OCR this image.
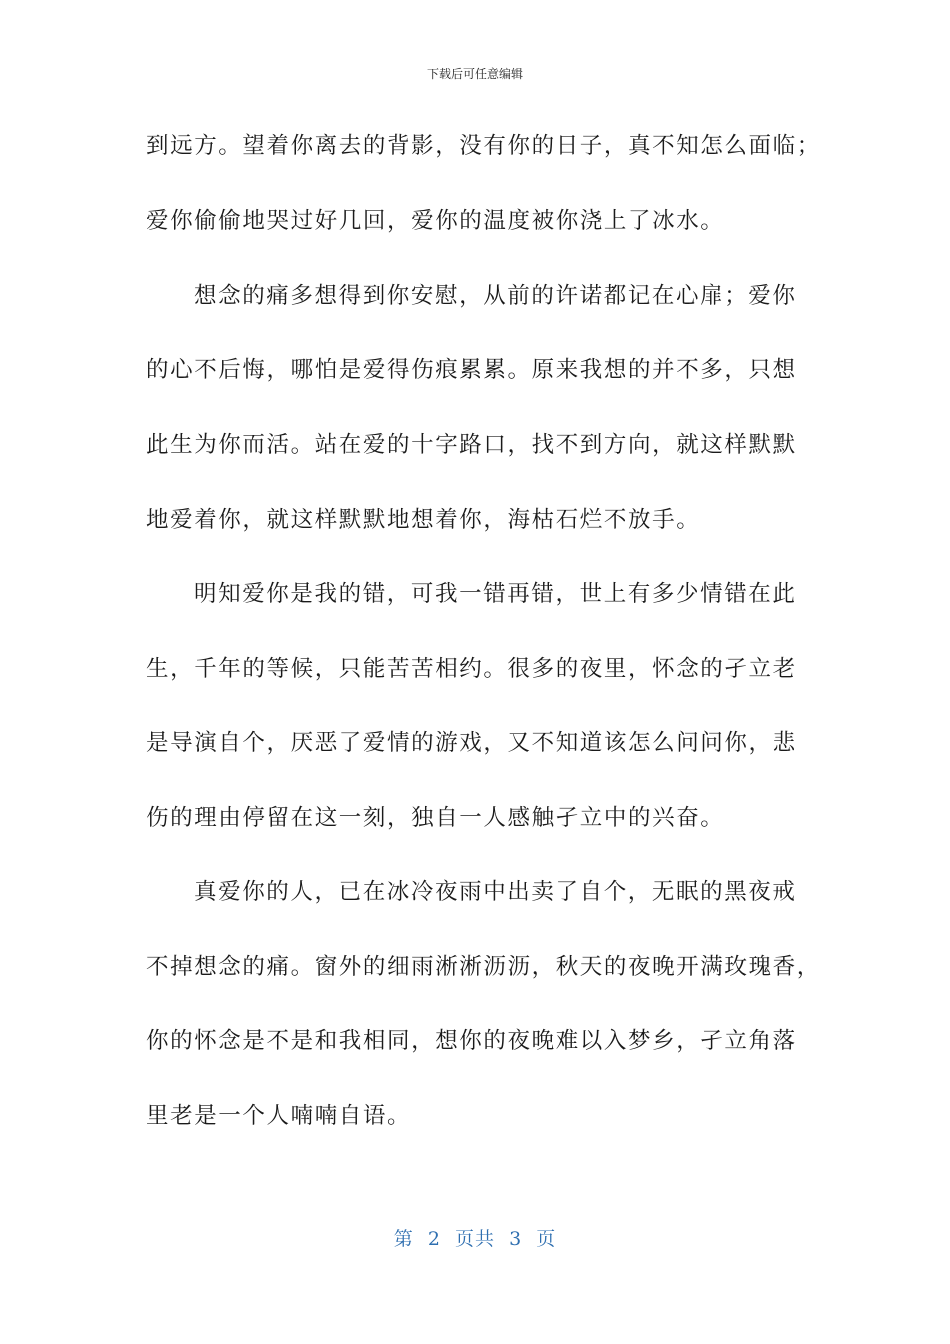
下载后可任意编辑
到远方。望着你离去的背影，没有你的日子，真不知怎么面临；
爱你偷偷地哭过好几回，爱你的温度被你浇上了冰水。
想念的痛多想得到你安慰，从前的许诺都记在心扉；爱你
的心不后悔，哪怕是爱得伤痕累累。原来我想的并不多，只想
此生为你而活。站在爱的十字路口，找不到方向，就这样默默
地爱着你，就这样默默地想着你，海枯石烂不放手。
明知爱你是我的错，可我一错再错，世上有多少情错在此
生，千年的等候，只能苦苦相约。很多的夜里，怀念的孑立老
是导演自个，厌恶了爱情的游戏，又不知道该怎么问问你，悲
伤的理由停留在这一刻，独自一人感触孑立中的兴奋。
真爱你的人，已在冰冷夜雨中出卖了自个，无眠的黑夜戒
不掉想念的痛。窗外的细雨淅淅沥沥，秋天的夜晚开满玫瑰香，
你的怀念是不是和我相同，想你的夜晚难以入梦乡，孑立角落
里老是一个人喃喃自语。
第  2  页共  3  页
